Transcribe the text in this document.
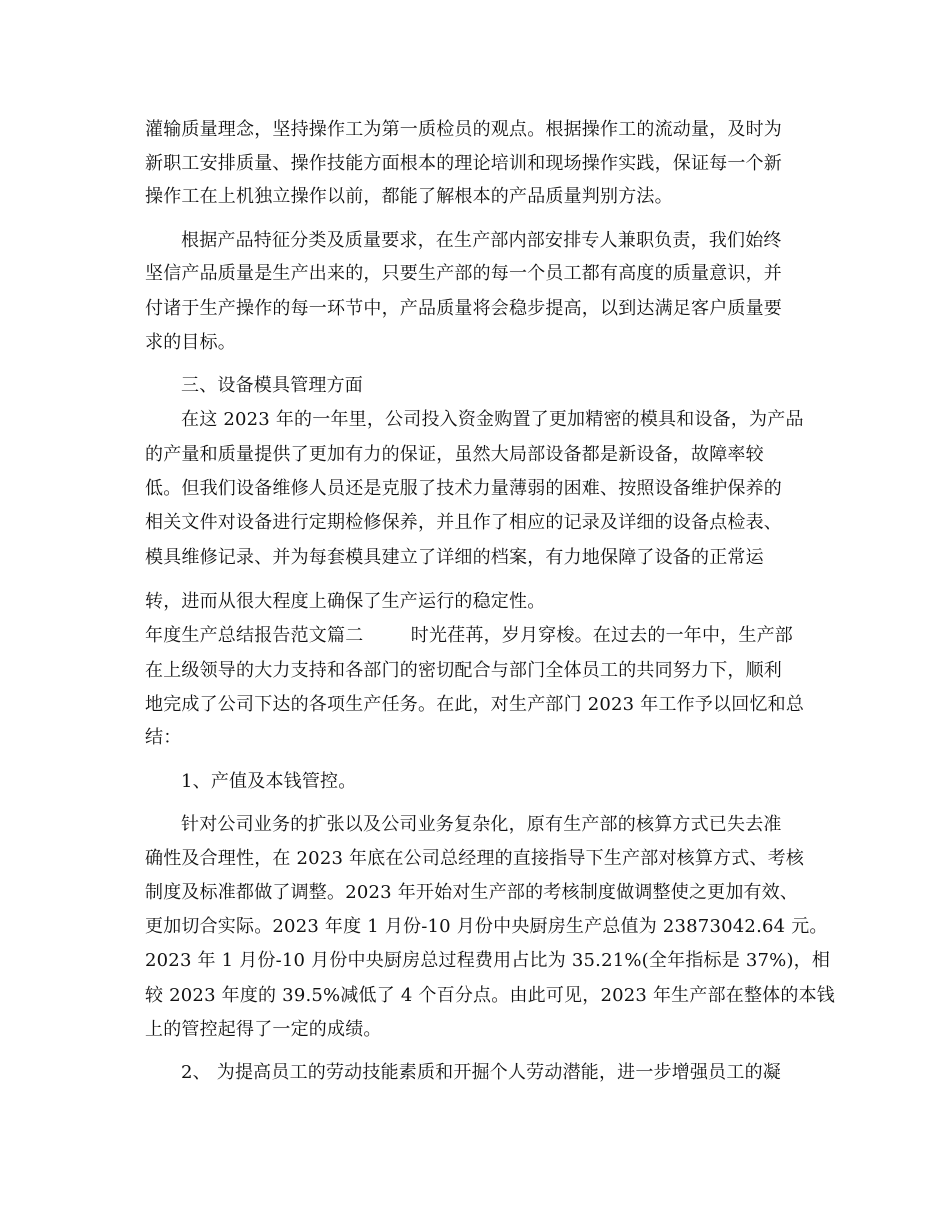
灌输质量理念，坚持操作工为第一质检员的观点。根据操作工的流动量，及时为
新职工安排质量、操作技能方面根本的理论培训和现场操作实践，保证每一个新
操作工在上机独立操作以前，都能了解根本的产品质量判别方法。
根据产品特征分类及质量要求，在生产部内部安排专人兼职负责，我们始终
坚信产品质量是生产出来的，只要生产部的每一个员工都有高度的质量意识，并
付诸于生产操作的每一环节中，产品质量将会稳步提高，以到达满足客户质量要
求的目标。
三、设备模具管理方面
在这 2023 年的一年里，公司投入资金购置了更加精密的模具和设备，为产品
的产量和质量提供了更加有力的保证，虽然大局部设备都是新设备，故障率较
低。但我们设备维修人员还是克服了技术力量薄弱的困难、按照设备维护保养的
相关文件对设备进行定期检修保养，并且作了相应的记录及详细的设备点检表、
模具维修记录、并为每套模具建立了详细的档案，有力地保障了设备的正常运
转，进而从很大程度上确保了生产运行的稳定性。
年度生产总结报告范文篇二        时光荏苒，岁月穿梭。在过去的一年中，生产部
在上级领导的大力支持和各部门的密切配合与部门全体员工的共同努力下，顺利
地完成了公司下达的各项生产任务。在此，对生产部门 2023 年工作予以回忆和总
结：
1、产值及本钱管控。
针对公司业务的扩张以及公司业务复杂化，原有生产部的核算方式已失去准
确性及合理性，在 2023 年底在公司总经理的直接指导下生产部对核算方式、考核
制度及标准都做了调整。2023 年开始对生产部的考核制度做调整使之更加有效、
更加切合实际。2023 年度 1 月份-10 月份中央厨房生产总值为 23873042.64 元。
2023 年 1 月份-10 月份中央厨房总过程费用占比为 35.21%(全年指标是 37%)，相
较 2023 年度的 39.5%减低了 4 个百分点。由此可见，2023 年生产部在整体的本钱
上的管控起得了一定的成绩。
2、 为提高员工的劳动技能素质和开掘个人劳动潜能，进一步增强员工的凝
